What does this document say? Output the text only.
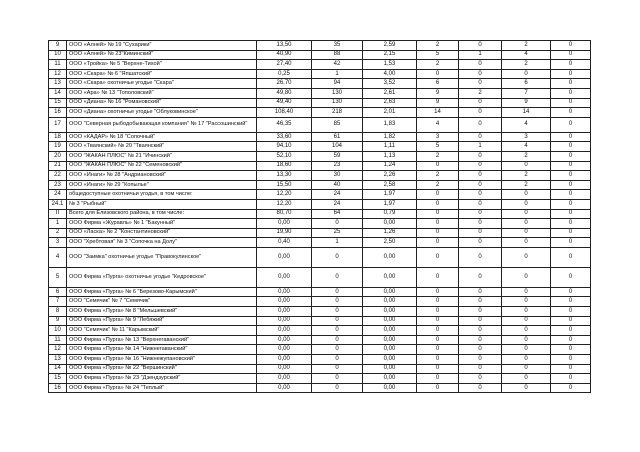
9	ООО «Алней» № 19 "Сухарики"	13,50	35	2,59	2	0	2	0
10	ООО «Алней» № 23"Киминский"	40,90	88	2,15	5	1	4	0
11	ООО «Тройка» № 5 "Верхне-Тихой"	27,40	42	1,53	2	0	2	0
12	ООО «Скара» № 6 "Япшатский"	0,25	1	4,00	0	0	0	0
13	ООО «Скара» охотничье угодье "Скара"	26,70	94	3,52	6	0	6	0
14	ООО «Ара» № 13 "Тополовский"	49,80	130	2,61	9	2	7	0
15	ООО «Диана» № 16 "Романовский"	49,40	130	2,63	9	0	9	0
16	ООО «Диана» охотничье угодье "Облуковинское"	108,40	218	2,01	14	0	14	0
17	ООО "Северная рыбодобывающая компания" № 17 "Рассошинский"	46,35	85	1,83	4	0	4	0
18	ООО «КАДАР» № 18 "Сопочный"	33,60	61	1,82	3	0	3	0
19	ООО «Тваянский» № 20 "Тваянский"	94,10	104	1,11	5	1	4	0
20	ООО "ЖАКАН ПЛЮС" № 21 "Ичинский"	52,10	59	1,13	2	0	2	0
21	ООО "ЖАКАН ПЛЮС" № 22 "Семеновский"	18,60	23	1,24	0	0	0	0
22	ООО «Инаги» № 28 "Андриановский"	13,30	30	2,26	2	0	2	0
23	ООО «Инаги» № 29 "Копылье"	15,50	40	2,58	2	0	2	0
24	общедоступные охотничьи угодья, в том числе:	12,20	24	1,97	0	0	0	0
24.1	№ 3 "Рыбный"	12,20	24	1,97	0	0	0	0
II	Всего для Елизовского района, в том числе:	80,70	64	0,79	0	0	0	0
1	ООО Фирма «Журавль» № 1 "Бакунный"	0,00	0	0,00	0	0	0	0
2	ООО «Ласка» № 2 "Константиновский"	19,90	25	1,26	0	0	0	0
3	ООО "Хребтовая" № 3 "Сопочка на Долу"	0,40	1	2,50	0	0	0	0
4	ООО "Заимка" охотничье угодье "Правокулинское"	0,00	0	0,00	0	0	0	0
5	ООО Фирма «Пурга» охотничье угодье "Кедровское"	0,00	0	0,00	0	0	0	0
6	ООО Фирма «Пурга» № 6 "Березово-Карымский"	0,00	0	0,00	0	0	0	0
7	ООО "Семячик" № 7 "Семячик"	0,00	0	0,00	0	0	0	0
8	ООО Фирма «Пурга» № 8 "Мельшевский"	0,00	0	0,00	0	0	0	0
9	ООО Фирма «Пурга» № 9 "Лебяжий"	0,00	0	0,00	0	0	0	0
10	ООО "Семячик" № 11 "Карымский"	0,00	0	0,00	0	0	0	0
11	ООО Фирма «Пурга» № 13 "Верхнегаванский"	0,00	0	0,00	0	0	0	0
12	ООО Фирма «Пурга» № 14 "Нижнегаванский"	0,00	0	0,00	0	0	0	0
13	ООО Фирма «Пурга» № 16 "Нижнежупановский"	0,00	0	0,00	0	0	0	0
14	ООО Фирма «Пурга» № 22 "Вершинский"	0,00	0	0,00	0	0	0	0
15	ООО Фирма «Пурга» № 23 "Дзендзурский"	0,00	0	0,00	0	0	0	0
16	ООО Фирма «Пурга» № 24 "Теплый"	0,00	0	0,00	0	0	0	0
